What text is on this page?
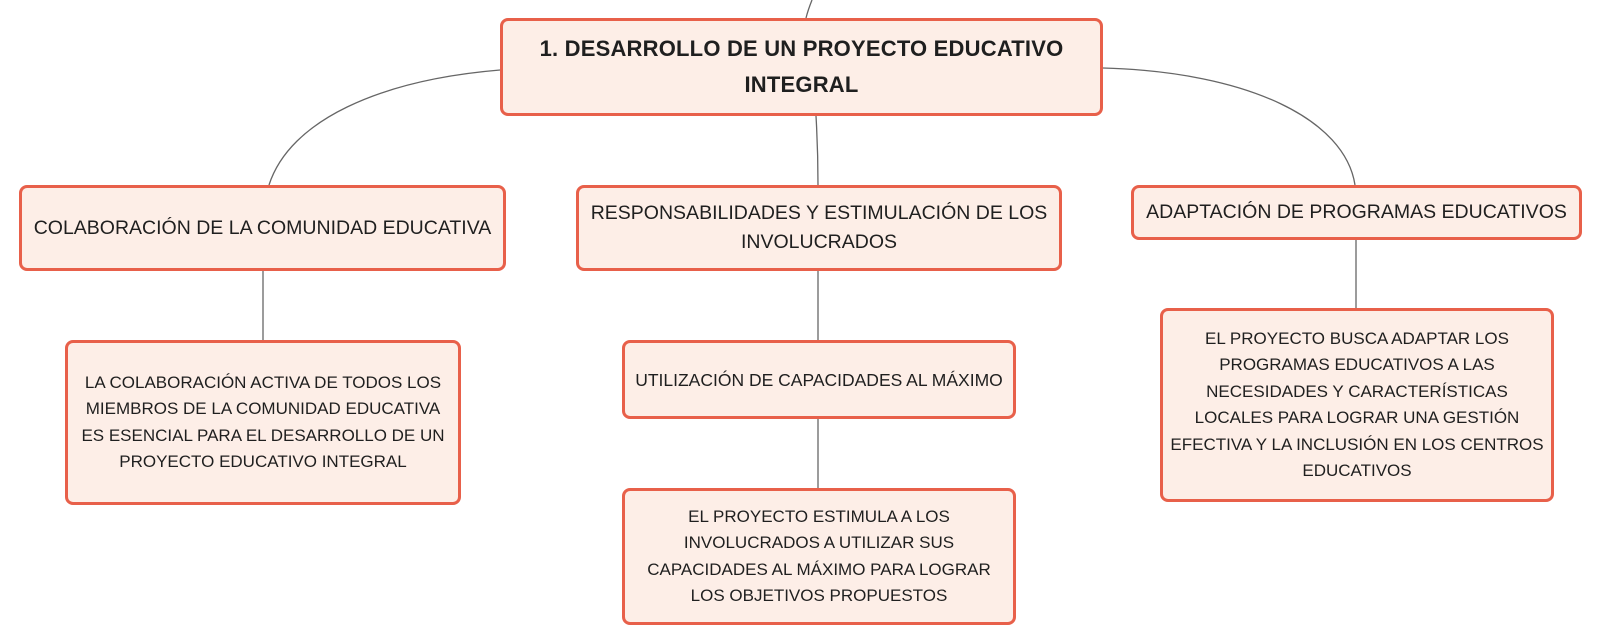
1. DESARROLLO DE UN PROYECTO EDUCATIVO INTEGRAL
COLABORACIÓN DE LA COMUNIDAD EDUCATIVA
RESPONSABILIDADES Y ESTIMULACIÓN DE LOS INVOLUCRADOS
ADAPTACIÓN DE PROGRAMAS EDUCATIVOS
LA COLABORACIÓN ACTIVA DE TODOS LOS MIEMBROS DE LA COMUNIDAD EDUCATIVA ES ESENCIAL PARA EL DESARROLLO DE UN PROYECTO EDUCATIVO INTEGRAL
UTILIZACIÓN DE CAPACIDADES AL MÁXIMO
EL PROYECTO ESTIMULA A LOS INVOLUCRADOS A UTILIZAR SUS CAPACIDADES AL MÁXIMO PARA LOGRAR LOS OBJETIVOS PROPUESTOS
EL PROYECTO BUSCA ADAPTAR LOS PROGRAMAS EDUCATIVOS A LAS NECESIDADES Y CARACTERÍSTICAS LOCALES PARA LOGRAR UNA GESTIÓN EFECTIVA Y LA INCLUSIÓN EN LOS CENTROS EDUCATIVOS
